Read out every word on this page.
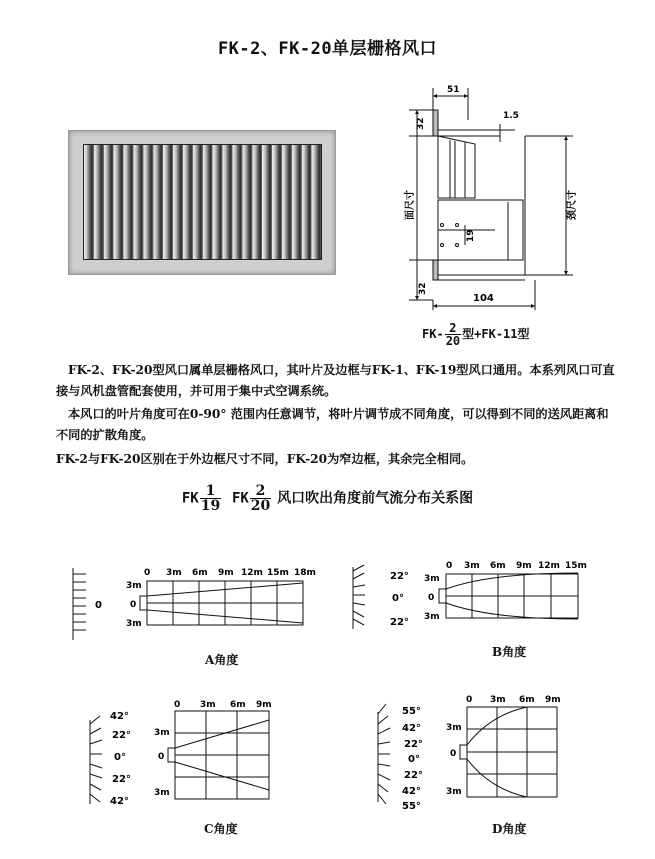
FK-2、FK-20单层栅格风口
51
1.5
32
面尺寸	颈尺寸
19
32
104
$FK- \frac{2}{20}$ 型+FK-11型
FK-2、FK-20型风口属单层栅格风口，其叶片及边框与FK-1、FK-19型风口通用。本系列风口可直接与风机盘管配套使用，并可用于集中式空调系统。
本风口的叶片角度可在0-90° 范围内任意调节，将叶片调节成不同角度，可以得到不同的送风距离和不同的扩散角度。
FK-2与FK-20区别在于外边框尺寸不同，FK-20为窄边框，其余完全相同。
FK $\frac{1}{19}$ FK $\frac{2}{20}$ 风口吹出角度前气流分布关系图
0
0 3m 6m 9m 12m 15m 18m
3m
0
3m
A角度
22°
0°
22°
0 3m 6m 9m 12m 15m
3m
0
3m
B角度
42°
22°
0°
22°
42°
0 3m 6m 9m
3m
0
3m
C角度
55°
42°
22°
0°
22°
42°
55°
0 3m 6m 9m
3m
0
3m
D角度
